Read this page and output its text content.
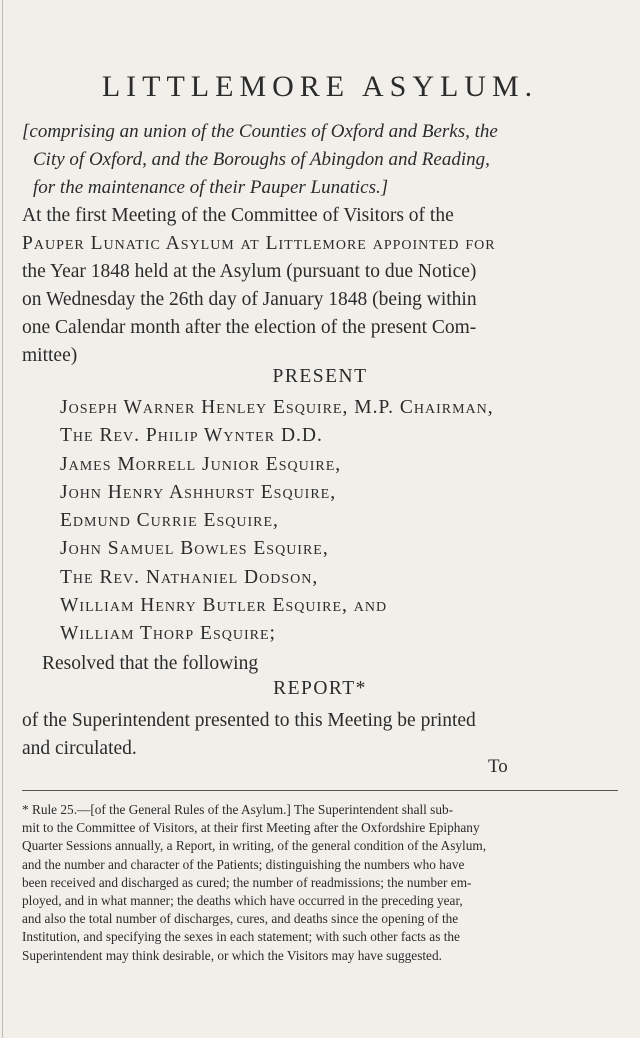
LITTLEMORE ASYLUM.
[comprising an union of the Counties of Oxford and Berks, the
City of Oxford, and the Boroughs of Abingdon and Reading,
for the maintenance of their Pauper Lunatics.]
At the first Meeting of the Committee of Visitors of the
Pauper Lunatic Asylum at Littlemore appointed for
the Year 1848 held at the Asylum (pursuant to due Notice)
on Wednesday the 26th day of January 1848 (being within
one Calendar month after the election of the present Com-
mittee)
PRESENT
Joseph Warner Henley Esquire, M.P. Chairman,
The Rev. Philip Wynter D.D.
James Morrell Junior Esquire,
John Henry Ashhurst Esquire,
Edmund Currie Esquire,
John Samuel Bowles Esquire,
The Rev. Nathaniel Dodson,
William Henry Butler Esquire, and
William Thorp Esquire;
Resolved that the following
REPORT*
of the Superintendent presented to this Meeting be printed
and circulated.
To
* Rule 25.—[of the General Rules of the Asylum.] The Superintendent shall sub-
mit to the Committee of Visitors, at their first Meeting after the Oxfordshire Epiphany
Quarter Sessions annually, a Report, in writing, of the general condition of the Asylum,
and the number and character of the Patients; distinguishing the numbers who have
been received and discharged as cured; the number of readmissions; the number em-
ployed, and in what manner; the deaths which have occurred in the preceding year,
and also the total number of discharges, cures, and deaths since the opening of the
Institution, and specifying the sexes in each statement; with such other facts as the
Superintendent may think desirable, or which the Visitors may have suggested.
